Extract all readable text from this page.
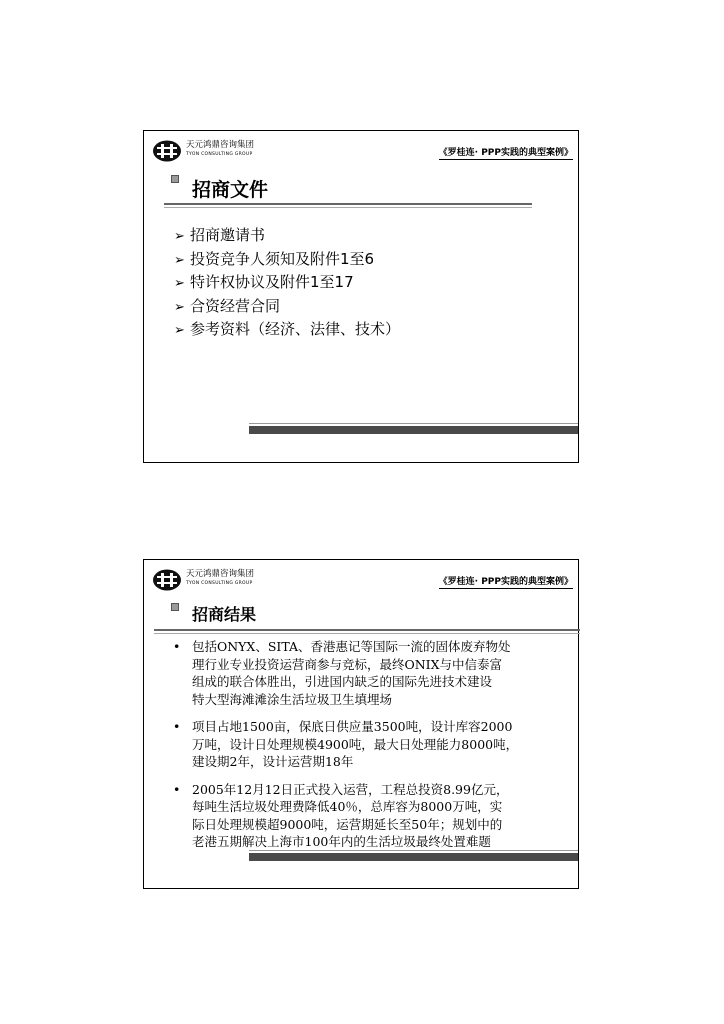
天元鸿鼎咨询集团
TYON CONSULTING GROUP	《罗桂连· PPP实践的典型案例》
招商文件
➢ 招商邀请书
➢ 投资竞争人须知及附件1至6
➢ 特许权协议及附件1至17
➢ 合资经营合同
➢ 参考资料（经济、法律、技术）
天元鸿鼎咨询集团
TYON CONSULTING GROUP	《罗桂连· PPP实践的典型案例》
招商结果
• 包括ONYX、SITA、香港惠记等国际一流的固体废弃物处
理行业专业投资运营商参与竞标，最终ONIX与中信泰富
组成的联合体胜出，引进国内缺乏的国际先进技术建设
特大型海滩滩涂生活垃圾卫生填埋场
• 项目占地1500亩，保底日供应量3500吨，设计库容2000
万吨，设计日处理规模4900吨，最大日处理能力8000吨，
建设期2年，设计运营期18年
• 2005年12月12日正式投入运营，工程总投资8.99亿元，
每吨生活垃圾处理费降低40％，总库容为8000万吨，实
际日处理规模超9000吨，运营期延长至50年；规划中的
老港五期解决上海市100年内的生活垃圾最终处置难题
